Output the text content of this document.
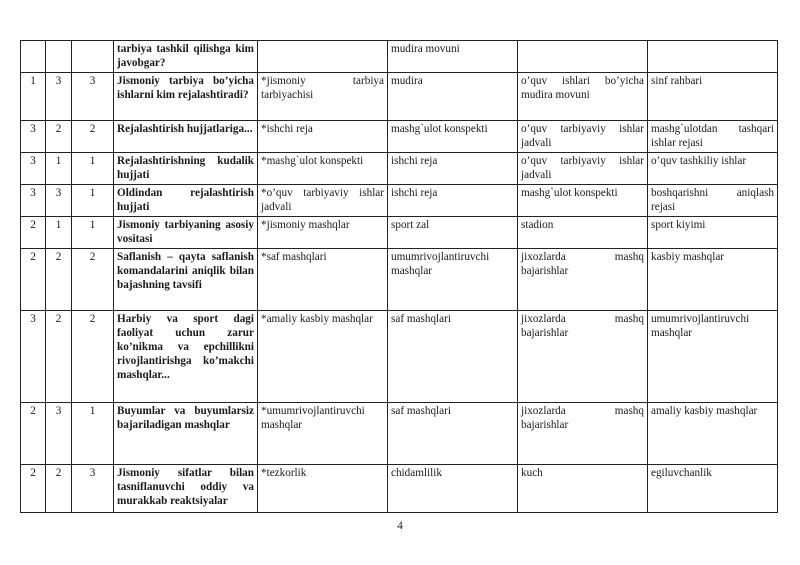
			tarbiya tashkil qilishga kim javobgar?		mudira movuni		
1	3	3	Jismoniy tarbiya bo’yicha ishlarni kim rejalashtiradi?	*jismoniy tarbiya tarbiyachisi	mudira	o’quv ishlari bo’yicha mudira movuni	sinf rahbari
3	2	2	Rejalashtirish hujjatlariga...	*ishchi reja	mashg`ulot konspekti	o’quv tarbiyaviy ishlar jadvali	mashg`ulotdan tashqari ishlar rejasi
3	1	1	Rejalashtirishning kudalik hujjati	*mashg`ulot konspekti	ishchi reja	o’quv tarbiyaviy ishlar jadvali	o’quv tashkiliy ishlar
3	3	1	Oldindan rejalashtirish hujjati	*o’quv tarbiyaviy ishlar jadvali	ishchi reja	mashg`ulot konspekti	boshqarishni aniqlash rejasi
2	1	1	Jismoniy tarbiyaning asosiy vositasi	*jismoniy mashqlar	sport zal	stadion	sport kiyimi
2	2	2	Saflanish – qayta saflanish komandalarini aniqlik bilan bajashning tavsifi	*saf mashqlari	umumrivojlantiruvchi mashqlar	jixozlarda mashq bajarishlar	kasbiy mashqlar
3	2	2	Harbiy va sport dagi faoliyat uchun zarur ko’nikma va epchillikni rivojlantirishga ko’makchi mashqlar...	*amaliy kasbiy mashqlar	saf mashqlari	jixozlarda mashq bajarishlar	umumrivojlantiruvchi mashqlar
2	3	1	Buyumlar va buyumlarsiz bajariladigan mashqlar	*umumrivojlantiruvchi mashqlar	saf mashqlari	jixozlarda mashq bajarishlar	amaliy kasbiy mashqlar
2	2	3	Jismoniy sifatlar bilan tasniflanuvchi oddiy va murakkab reaktsiyalar	*tezkorlik	chidamlilik	kuch	egiluvchanlik
4
